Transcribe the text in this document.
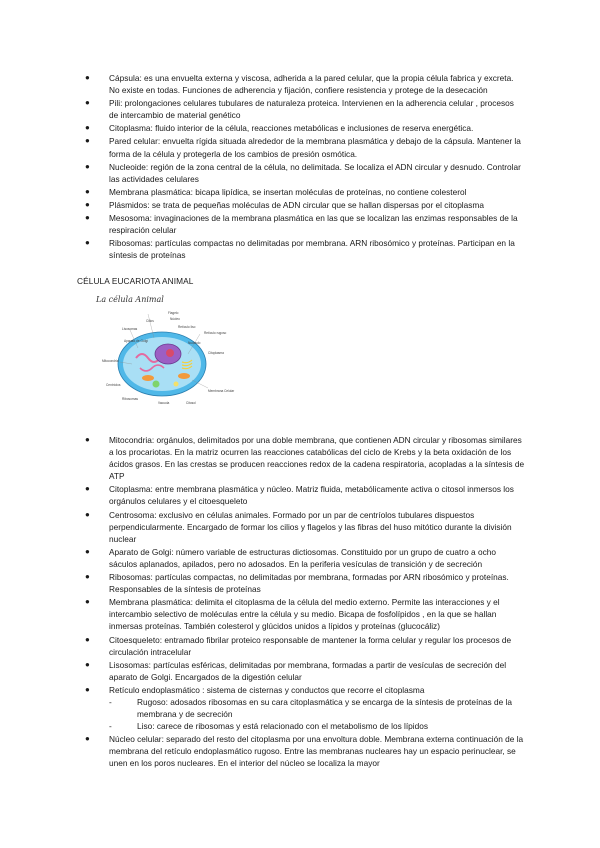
● Cápsula: es una envuelta externa y viscosa, adherida a la pared celular, que la propia célula fabrica y excreta. No existe en todas. Funciones de adherencia y fijación, confiere resistencia y protege de la desecación
● Pili: prolongaciones celulares tubulares de naturaleza proteica. Intervienen en la adherencia celular , procesos de intercambio de material genético
● Citoplasma: fluido interior de la célula, reacciones metabólicas e inclusiones de reserva energética.
● Pared celular: envuelta rígida situada alrededor de la membrana plasmática y debajo de la cápsula. Mantener la forma de la célula y protegerla de los cambios de presión osmótica.
● Nucleoide: región de la zona central de la célula, no delimitada. Se localiza el ADN circular y desnudo. Controlar las actividades celulares
● Membrana plasmática: bicapa lipídica, se insertan moléculas de proteínas, no contiene colesterol
● Plásmidos: se trata de pequeñas moléculas de ADN circular que se hallan dispersas por el citoplasma
● Mesosoma: invaginaciones de la membrana plasmática en las que se localizan las enzimas responsables de la respiración celular
● Ribosomas: partículas compactas no delimitadas por membrana. ARN ribosómico y proteínas. Participan en la síntesis de proteínas
CÉLULA EUCARIOTA ANIMAL
La célula Animal
Flagelo
Núcleo
Cilios
Lisosomas	Retículo liso
Retículo rugoso
Aparato de Golgi
Citoplasma
Mitocondria
Centríolos
Ribosomas
Membrana Celular
Vacuola	Citosol
Nucleolo
● Mitocondria: orgánulos, delimitados por una doble membrana, que contienen ADN circular y ribosomas similares a los procariotas. En la matriz ocurren las reacciones catabólicas del ciclo de Krebs y la beta oxidación de los ácidos grasos. En las crestas se producen reacciones redox de la cadena respiratoria, acopladas a la síntesis de ATP
● Citoplasma: entre membrana plasmática y núcleo. Matriz fluida, metabólicamente activa o citosol inmersos los orgánulos celulares y el citoesqueleto
● Centrosoma: exclusivo en células animales. Formado por un par de centríolos tubulares dispuestos perpendicularmente. Encargado de formar los cilios y flagelos y las fibras del huso mitótico durante la división nuclear
● Aparato de Golgi: número variable de estructuras dictiosomas. Constituido por un grupo de cuatro a ocho sáculos aplanados, apilados, pero no adosados. En la periferia vesículas de transición y de secreción
● Ribosomas: partículas compactas, no delimitadas por membrana, formadas por ARN ribosómico y proteínas. Responsables de la síntesis de proteínas
● Membrana plasmática: delimita el citoplasma de la célula del medio externo. Permite las interacciones y el intercambio selectivo de moléculas entre la célula y su medio. Bicapa de fosfolípidos , en la que se hallan inmersas proteínas. También colesterol y glúcidos unidos a lípidos y proteínas (glucocáliz)
● Citoesqueleto: entramado fibrilar proteico responsable de mantener la forma celular y regular los procesos de circulación intracelular
● Lisosomas: partículas esféricas, delimitadas por membrana, formadas a partir de vesículas de secreción del aparato de Golgi. Encargados de la digestión celular
● Retículo endoplasmático : sistema de cisternas y conductos que recorre el citoplasma
-	Rugoso: adosados ribosomas en su cara citoplasmática y se encarga de la síntesis de proteínas de la membrana y de secreción
-	Liso: carece de ribosomas y está relacionado con el metabolismo de los lípidos
● Núcleo celular: separado del resto del citoplasma por una envoltura doble. Membrana externa continuación de la membrana del retículo endoplasmático rugoso. Entre las membranas nucleares hay un espacio perinuclear, se unen en los poros nucleares. En el interior del núcleo se localiza la mayor
